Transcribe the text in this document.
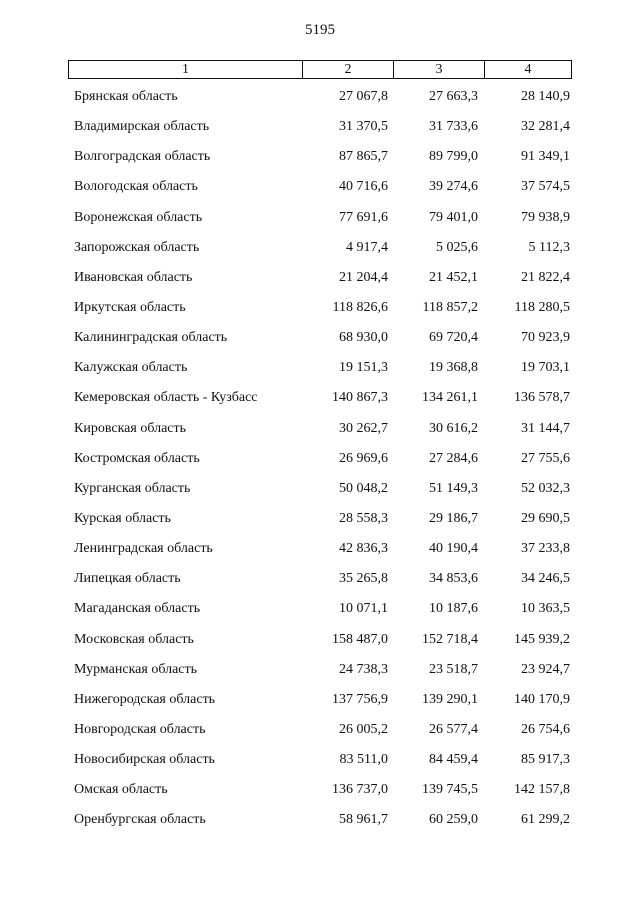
5195
1	2	3	4
Брянская область	27 067,8	27 663,3	28 140,9
Владимирская область	31 370,5	31 733,6	32 281,4
Волгоградская область	87 865,7	89 799,0	91 349,1
Вологодская область	40 716,6	39 274,6	37 574,5
Воронежская область	77 691,6	79 401,0	79 938,9
Запорожская область	4 917,4	5 025,6	5 112,3
Ивановская область	21 204,4	21 452,1	21 822,4
Иркутская область	118 826,6	118 857,2	118 280,5
Калининградская область	68 930,0	69 720,4	70 923,9
Калужская область	19 151,3	19 368,8	19 703,1
Кемеровская область - Кузбасс	140 867,3	134 261,1	136 578,7
Кировская область	30 262,7	30 616,2	31 144,7
Костромская область	26 969,6	27 284,6	27 755,6
Курганская область	50 048,2	51 149,3	52 032,3
Курская область	28 558,3	29 186,7	29 690,5
Ленинградская область	42 836,3	40 190,4	37 233,8
Липецкая область	35 265,8	34 853,6	34 246,5
Магаданская область	10 071,1	10 187,6	10 363,5
Московская область	158 487,0	152 718,4	145 939,2
Мурманская область	24 738,3	23 518,7	23 924,7
Нижегородская область	137 756,9	139 290,1	140 170,9
Новгородская область	26 005,2	26 577,4	26 754,6
Новосибирская область	83 511,0	84 459,4	85 917,3
Омская область	136 737,0	139 745,5	142 157,8
Оренбургская область	58 961,7	60 259,0	61 299,2
